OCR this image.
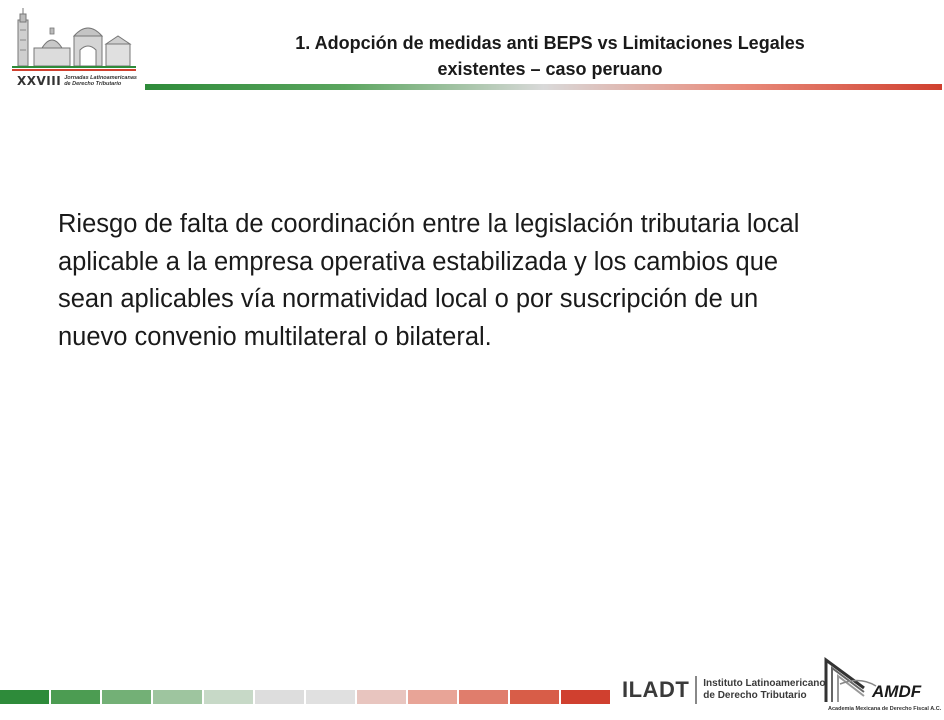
XXVIII Jornadas Latinoamericanas
de Derecho Tributario
1. Adopción de medidas anti BEPS vs Limitaciones Legales
existentes – caso peruano
Riesgo de falta de coordinación entre la legislación tributaria local aplicable a la empresa operativa estabilizada y los cambios que sean aplicables vía normatividad local o por suscripción de un nuevo convenio multilateral o bilateral.
ILADT Instituto Latinoamericano
de Derecho Tributario	AMDF
Academia Mexicana de Derecho Fiscal A.C.
